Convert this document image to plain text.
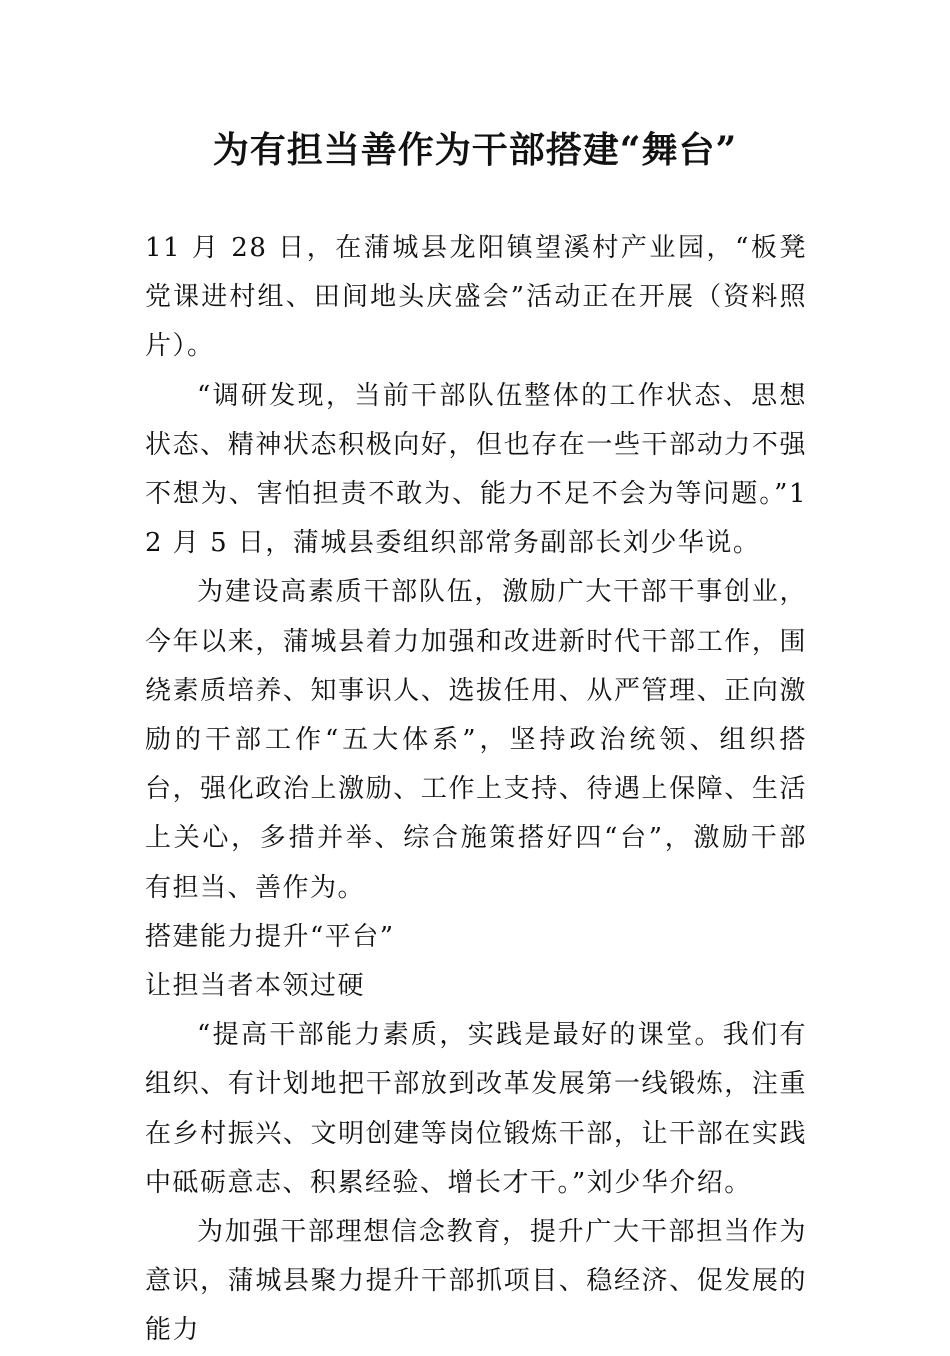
为有担当善作为干部搭建“舞台”

11 月 28 日，在蒲城县龙阳镇望溪村产业园，“板凳党课进村组、田间地头庆盛会”活动正在开展（资料照片）。

“调研发现，当前干部队伍整体的工作状态、思想状态、精神状态积极向好，但也存在一些干部动力不强不想为、害怕担责不敢为、能力不足不会为等问题。”12 月 5 日，蒲城县委组织部常务副部长刘少华说。

为建设高素质干部队伍，激励广大干部干事创业，今年以来，蒲城县着力加强和改进新时代干部工作，围绕素质培养、知事识人、选拔任用、从严管理、正向激励的干部工作“五大体系”，坚持政治统领、组织搭台，强化政治上激励、工作上支持、待遇上保障、生活上关心，多措并举、综合施策搭好四“台”，激励干部有担当、善作为。

搭建能力提升“平台”

让担当者本领过硬

“提高干部能力素质，实践是最好的课堂。我们有组织、有计划地把干部放到改革发展第一线锻炼，注重在乡村振兴、文明创建等岗位锻炼干部，让干部在实践中砥砺意志、积累经验、增长才干。”刘少华介绍。

为加强干部理想信念教育，提升广大干部担当作为意识，蒲城县聚力提升干部抓项目、稳经济、促发展的能力
